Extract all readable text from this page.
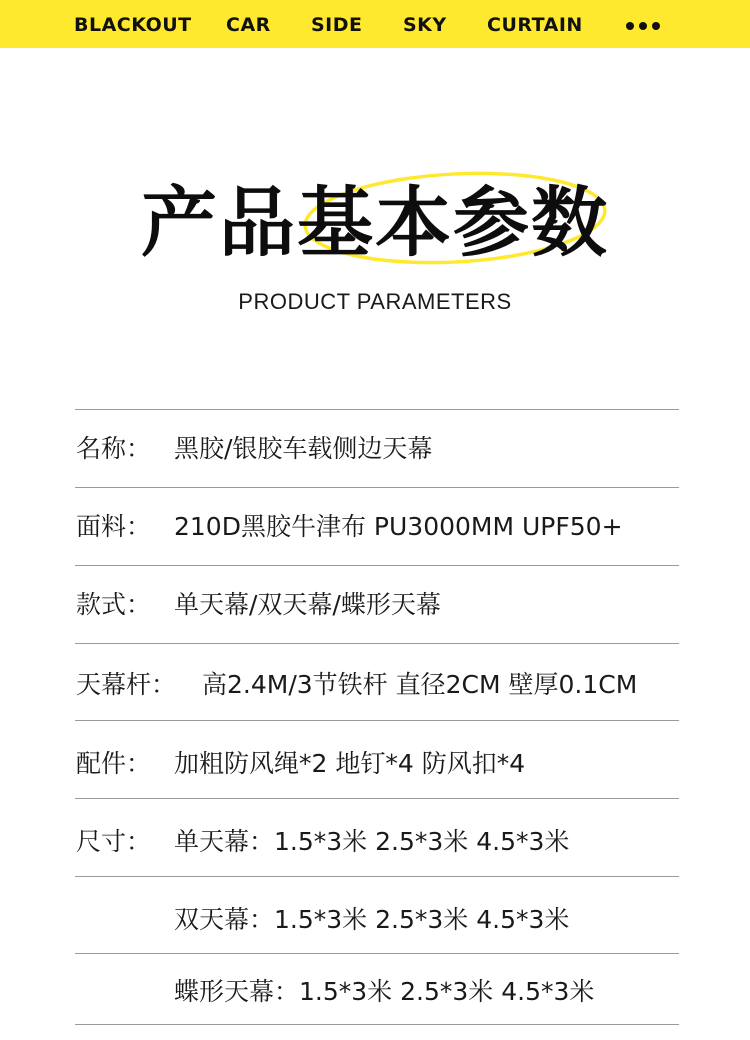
BLACKOUT CAR SIDE SKY CURTAIN
产品基本参数
PRODUCT PARAMETERS
名称： 黑胶/银胶车载侧边天幕
面料： 210D黑胶牛津布 PU3000MM UPF50+
款式： 单天幕/双天幕/蝶形天幕
天幕杆： 高2.4M/3节铁杆 直径2CM 壁厚0.1CM
配件： 加粗防风绳*2 地钉*4 防风扣*4
尺寸： 单天幕：1.5*3米 2.5*3米 4.5*3米
双天幕：1.5*3米 2.5*3米 4.5*3米
蝶形天幕：1.5*3米 2.5*3米 4.5*3米
